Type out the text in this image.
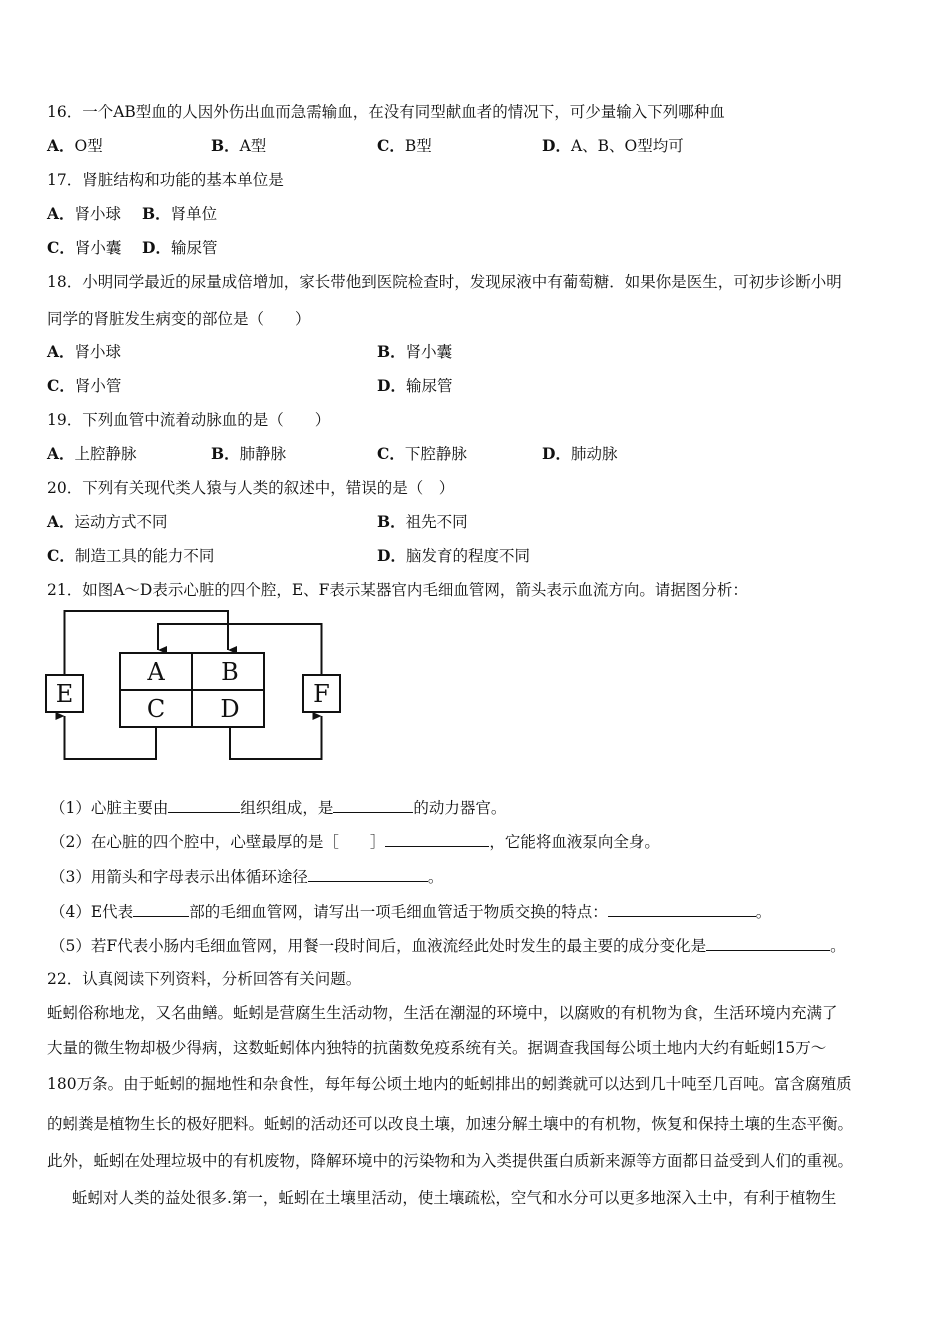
16．一个AB型血的人因外伤出血而急需输血，在没有同型献血者的情况下，可少量输入下列哪种血
A．O型	B．A型	C．B型	D．A、B、O型均可
17．肾脏结构和功能的基本单位是
A．肾小球 B．肾单位
C．肾小囊 D．输尿管
18．小明同学最近的尿量成倍增加，家长带他到医院检查时，发现尿液中有葡萄糖．如果你是医生，可初步诊断小明
同学的肾脏发生病变的部位是（　　）
A．肾小球	B．肾小囊
C．肾小管	D．输尿管
19．下列血管中流着动脉血的是（　　）
A．上腔静脉	B．肺静脉	C．下腔静脉	D．肺动脉
20．下列有关现代类人猿与人类的叙述中，错误的是（　）
A．运动方式不同	B．祖先不同
C．制造工具的能力不同	D．脑发育的程度不同
21．如图A～D表示心脏的四个腔，E、F表示某器官内毛细血管网，箭头表示血流方向。请据图分析：
A B
C D
E	F
（1）心脏主要由	组织组成，是	的动力器官。
（2）在心脏的四个腔中，心壁最厚的是［　　］	，它能将血液泵向全身。
（3）用箭头和字母表示出体循环途径	。
（4）E代表	部的毛细血管网，请写出一项毛细血管适于物质交换的特点：	。
（5）若F代表小肠内毛细血管网，用餐一段时间后，血液流经此处时发生的最主要的成分变化是	。
22．认真阅读下列资料，分析回答有关问题。
蚯蚓俗称地龙，又名曲鳝。蚯蚓是营腐生生活动物，生活在潮湿的环境中，以腐败的有机物为食，生活环境内充满了
大量的微生物却极少得病，这数蚯蚓体内独特的抗菌数免疫系统有关。据调查我国每公顷土地内大约有蚯蚓15万～
180万条。由于蚯蚓的掘地性和杂食性，每年每公顷土地内的蚯蚓排出的蚓粪就可以达到几十吨至几百吨。富含腐殖质
的蚓粪是植物生长的极好肥料。蚯蚓的活动还可以改良土壤，加速分解土壤中的有机物，恢复和保持土壤的生态平衡。
此外，蚯蚓在处理垃圾中的有机废物，降解环境中的污染物和为入类提供蛋白质新来源等方面都日益受到人们的重视。
蚯蚓对人类的益处很多.第一，蚯蚓在土壤里活动，使土壤疏松，空气和水分可以更多地深入土中，有利于植物生
